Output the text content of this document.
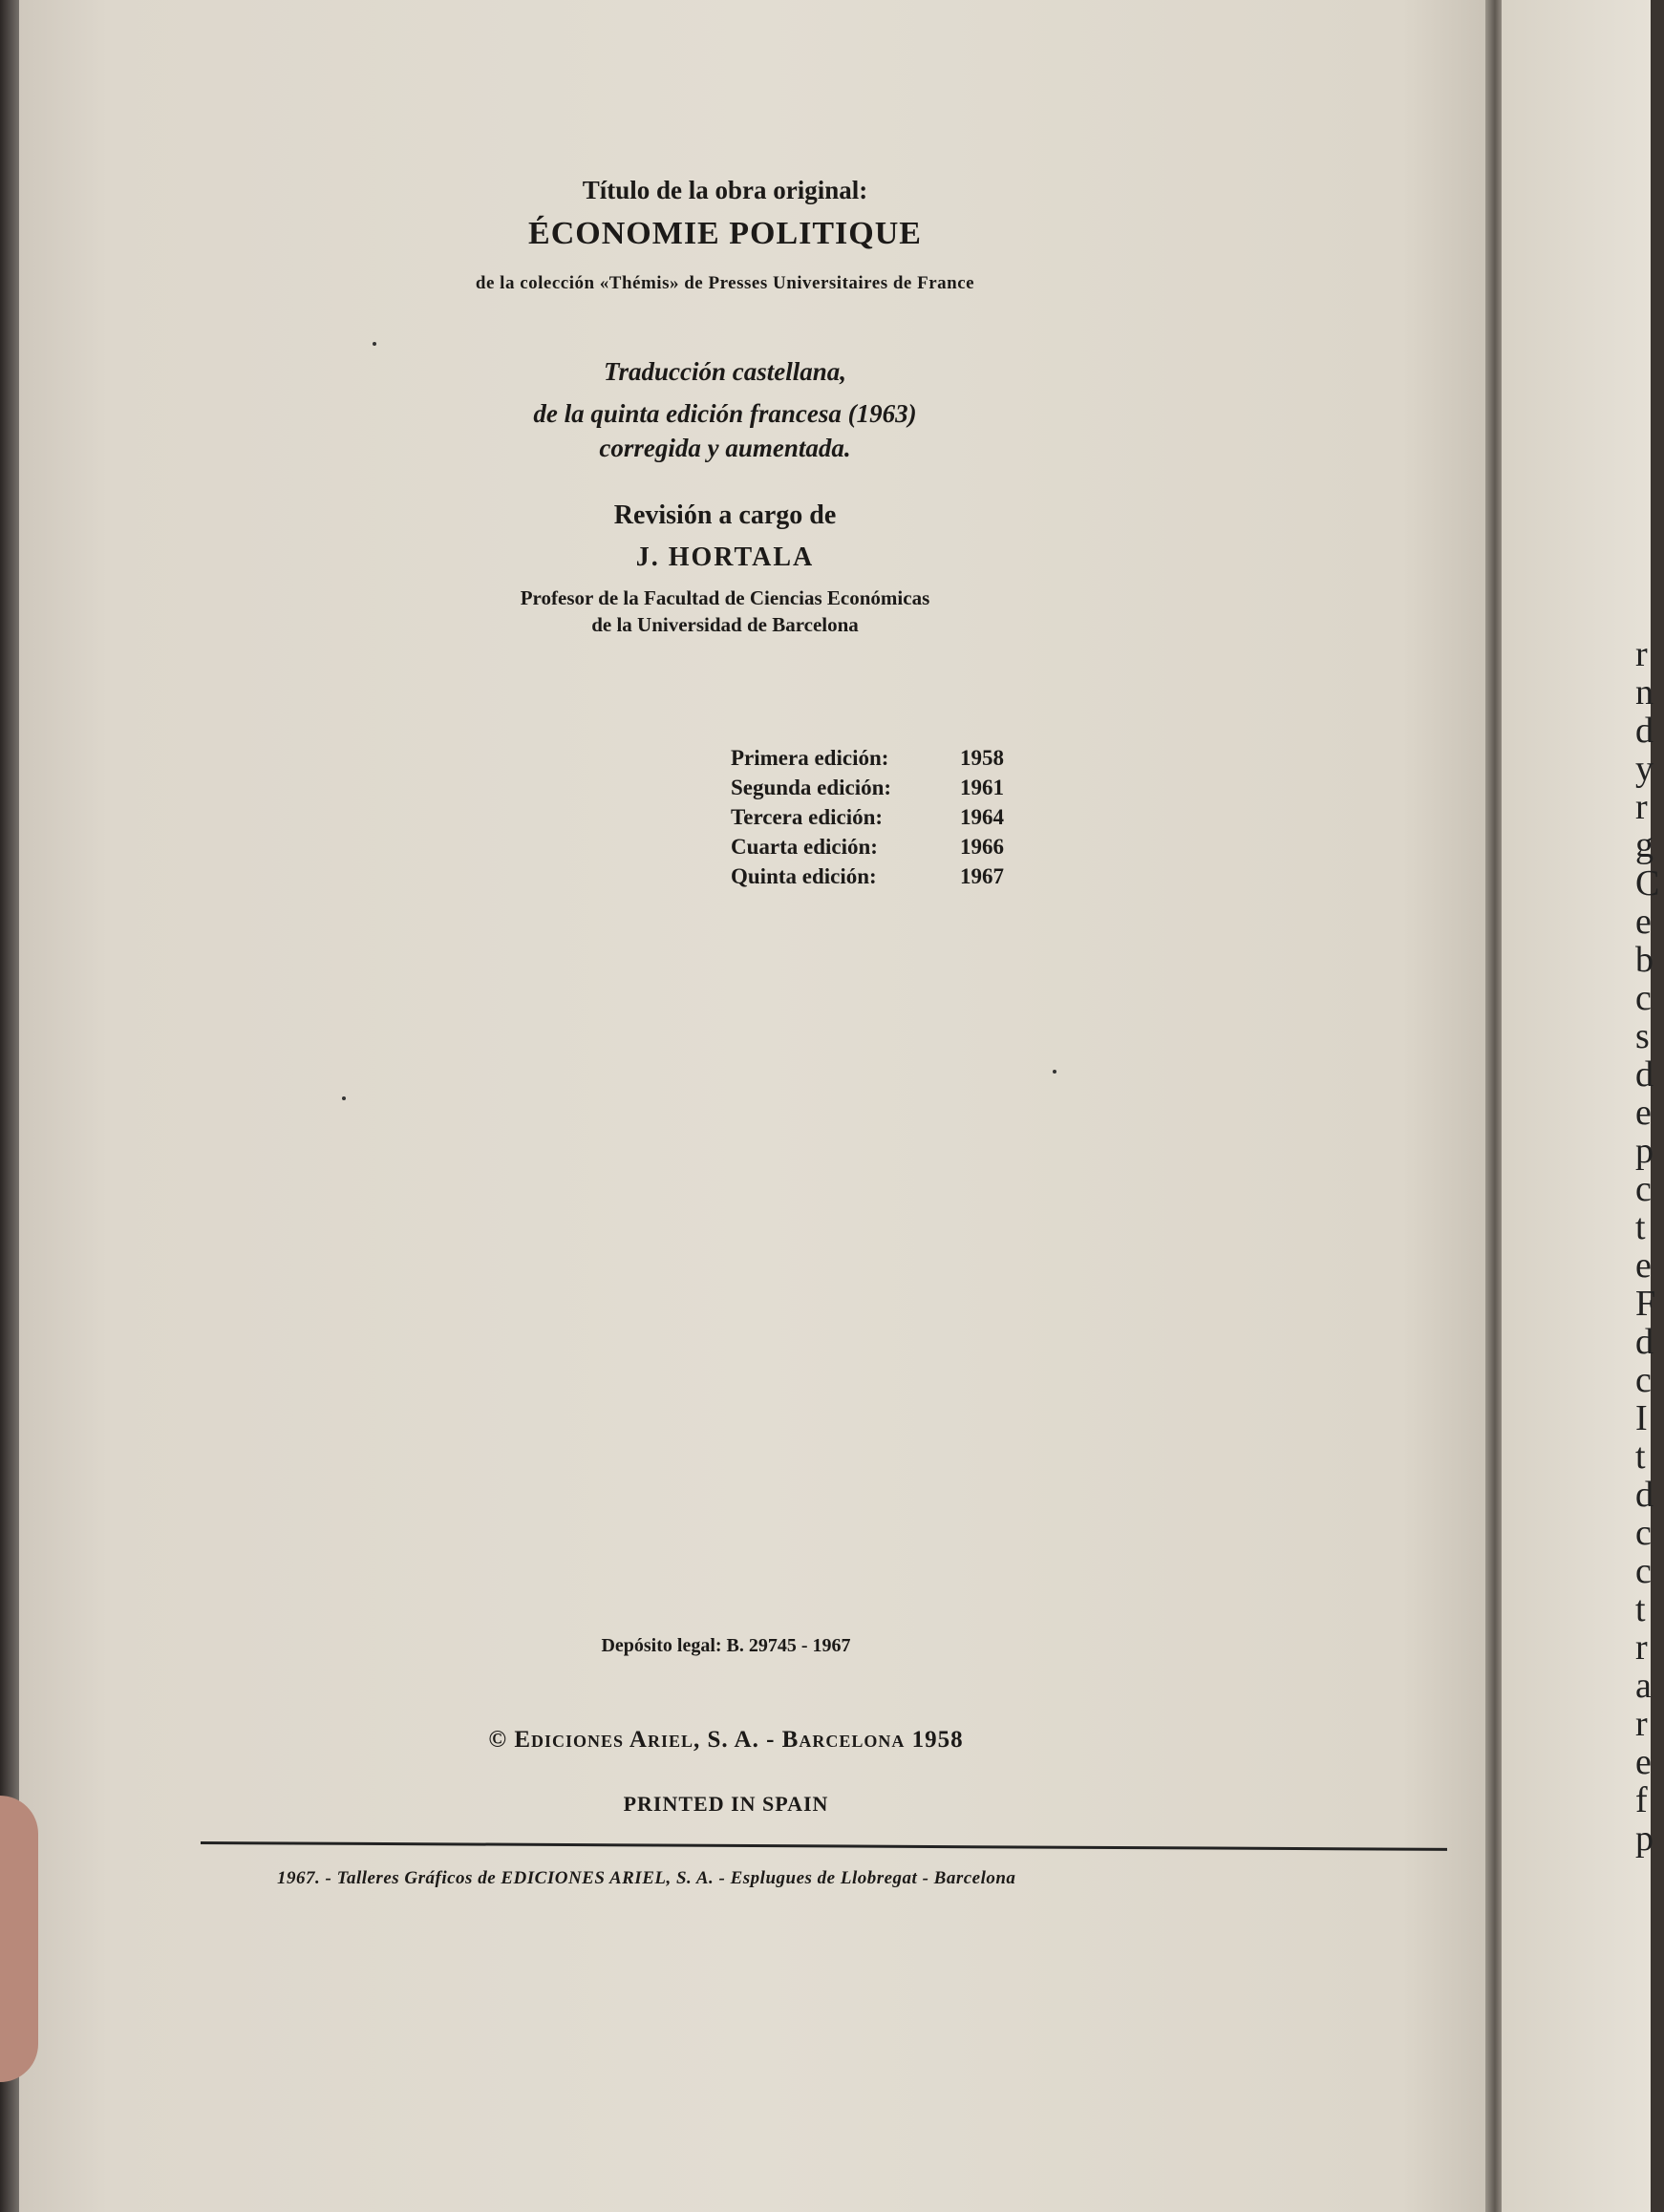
Título de la obra original:
ÉCONOMIE POLITIQUE
de la colección «Thémis» de Presses Universitaires de France
Traducción castellana,
de la quinta edición francesa (1963)
corregida y aumentada.
Revisión a cargo de
J. HORTALA
Profesor de la Facultad de Ciencias Económicas
de la Universidad de Barcelona
Primera edición:	1958
Segunda edición:	1961
Tercera edición:	1964
Cuarta edición:	1966
Quinta edición:	1967
Depósito legal: B. 29745 - 1967
© Ediciones Ariel, S. A. - Barcelona 1958
PRINTED IN SPAIN
1967. - Talleres Gráficos de EDICIONES ARIEL, S. A. - Esplugues de Llobregat - Barcelona
r
n
d
y
r
g
C
e
b
c
s
d
e
p
c
t
e
F
d
c
I
t
d
c
c
t
r
a
r
e
f
p
